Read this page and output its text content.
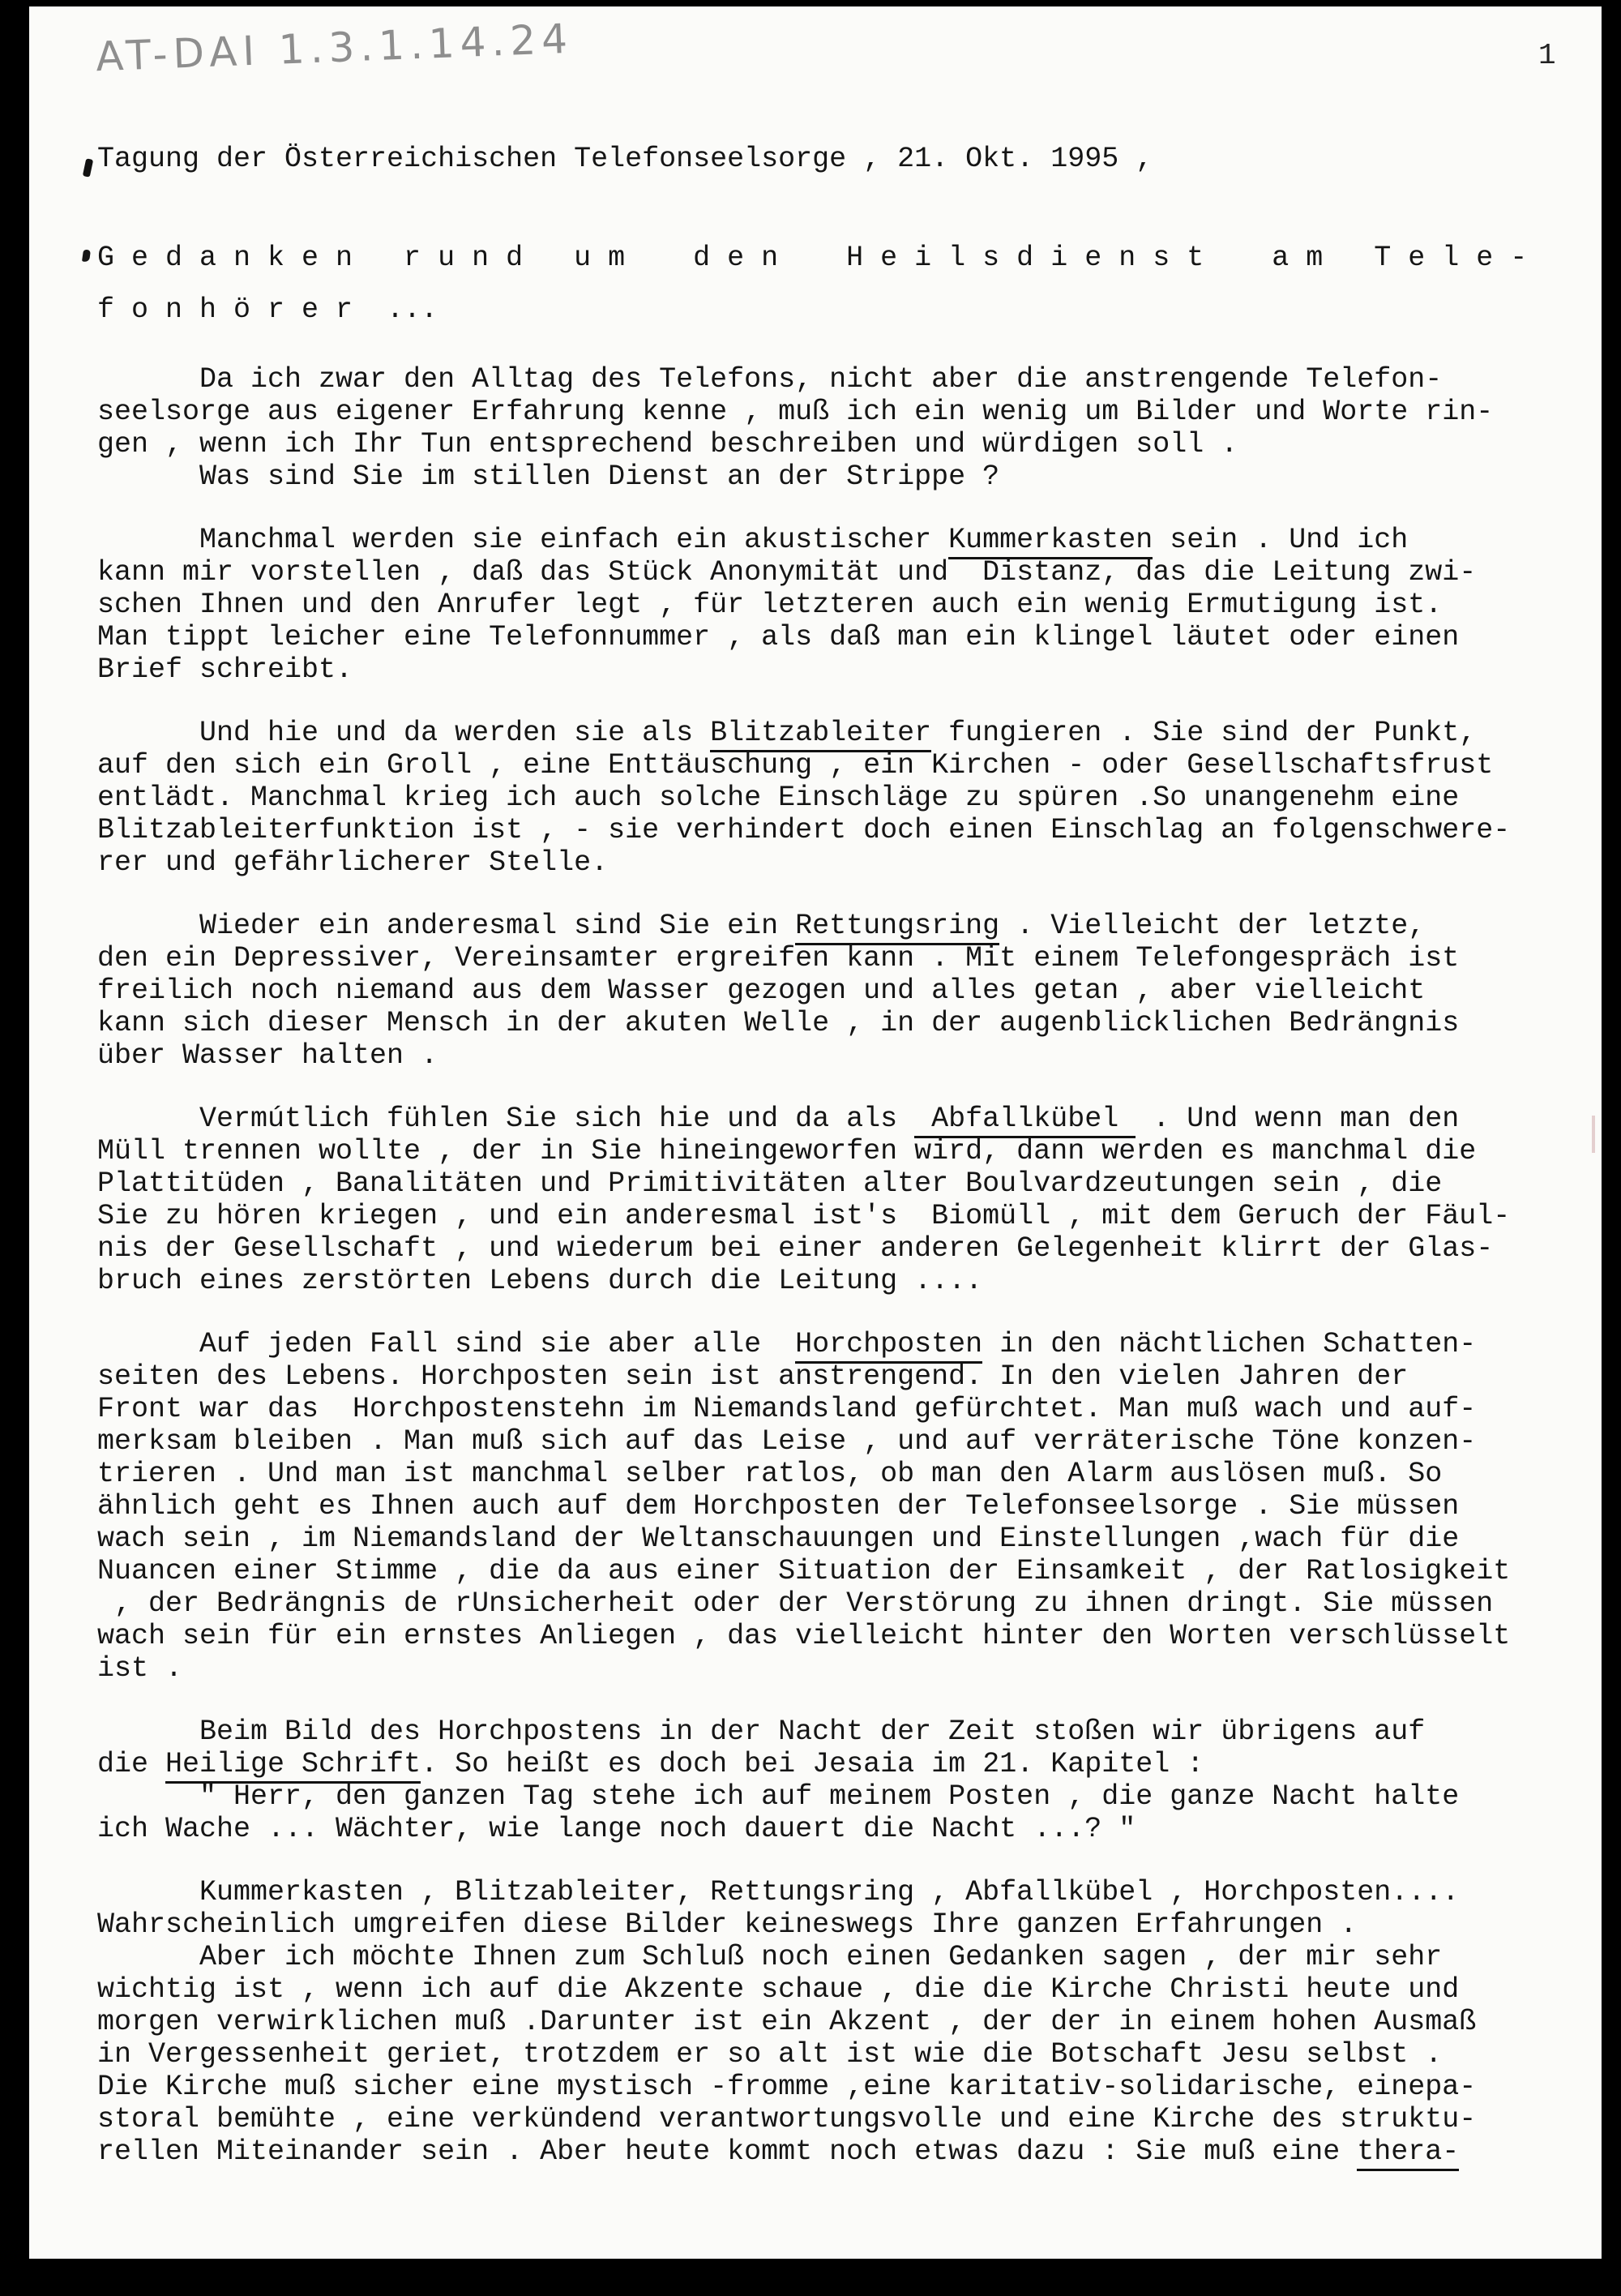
AT-DAI 1.3.1.14.24	1
Tagung der Österreichischen Telefonseelsorge , 21. Okt. 1995 ,
G e d a n k e n   r u n d   u m    d e n    H e i l s d i e n s t    a m   T e l e -
f o n h ö r e r  ...
Da ich zwar den Alltag des Telefons, nicht aber die anstrengende Telefon-
seelsorge aus eigener Erfahrung kenne , muß ich ein wenig um Bilder und Worte rin-
gen , wenn ich Ihr Tun entsprechend beschreiben und würdigen soll .
Was sind Sie im stillen Dienst an der Strippe ?
Manchmal werden sie einfach ein akustischer Kummerkasten sein . Und ich
kann mir vorstellen , daß das Stück Anonymität und  Distanz, das die Leitung zwi-
schen Ihnen und den Anrufer legt , für letzteren auch ein wenig Ermutigung ist.
Man tippt leicher eine Telefonnummer , als daß man ein klingel läutet oder einen
Brief schreibt.
Und hie und da werden sie als Blitzableiter fungieren . Sie sind der Punkt,
auf den sich ein Groll , eine Enttäuschung , ein Kirchen - oder Gesellschaftsfrust
entlädt. Manchmal krieg ich auch solche Einschläge zu spüren .So unangenehm eine
Blitzableiterfunktion ist , - sie verhindert doch einen Einschlag an folgenschwere-
rer und gefährlicherer Stelle.
Wieder ein anderesmal sind Sie ein Rettungsring . Vielleicht der letzte,
den ein Depressiver, Vereinsamter ergreifen kann . Mit einem Telefongespräch ist
freilich noch niemand aus dem Wasser gezogen und alles getan , aber vielleicht
kann sich dieser Mensch in der akuten Welle , in der augenblicklichen Bedrängnis
über Wasser halten .
Vermútlich fühlen Sie sich hie und da als  Abfallkübel  . Und wenn man den
Müll trennen wollte , der in Sie hineingeworfen wird, dann werden es manchmal die
Plattitüden , Banalitäten und Primitivitäten alter Boulvardzeutungen sein , die
Sie zu hören kriegen , und ein anderesmal ist's  Biomüll , mit dem Geruch der Fäul-
nis der Gesellschaft , und wiederum bei einer anderen Gelegenheit klirrt der Glas-
bruch eines zerstörten Lebens durch die Leitung ....
Auf jeden Fall sind sie aber alle  Horchposten in den nächtlichen Schatten-
seiten des Lebens. Horchposten sein ist anstrengend. In den vielen Jahren der
Front war das  Horchpostenstehn im Niemandsland gefürchtet. Man muß wach und auf-
merksam bleiben . Man muß sich auf das Leise , und auf verräterische Töne konzen-
trieren . Und man ist manchmal selber ratlos, ob man den Alarm auslösen muß. So
ähnlich geht es Ihnen auch auf dem Horchposten der Telefonseelsorge . Sie müssen
wach sein , im Niemandsland der Weltanschauungen und Einstellungen ,wach für die
Nuancen einer Stimme , die da aus einer Situation der Einsamkeit , der Ratlosigkeit
, der Bedrängnis de rUnsicherheit oder der Verstörung zu ihnen dringt. Sie müssen
wach sein für ein ernstes Anliegen , das vielleicht hinter den Worten verschlüsselt
ist .
Beim Bild des Horchpostens in der Nacht der Zeit stoßen wir übrigens auf
die Heilige Schrift. So heißt es doch bei Jesaia im 21. Kapitel :
" Herr, den ganzen Tag stehe ich auf meinem Posten , die ganze Nacht halte
ich Wache ... Wächter, wie lange noch dauert die Nacht ...? "
Kummerkasten , Blitzableiter, Rettungsring , Abfallkübel , Horchposten....
Wahrscheinlich umgreifen diese Bilder keineswegs Ihre ganzen Erfahrungen .
Aber ich möchte Ihnen zum Schluß noch einen Gedanken sagen , der mir sehr
wichtig ist , wenn ich auf die Akzente schaue , die die Kirche Christi heute und
morgen verwirklichen muß .Darunter ist ein Akzent , der der in einem hohen Ausmaß
in Vergessenheit geriet, trotzdem er so alt ist wie die Botschaft Jesu selbst .
Die Kirche muß sicher eine mystisch -fromme ,eine karitativ-solidarische, einepa-
storal bemühte , eine verkündend verantwortungsvolle und eine Kirche des struktu-
rellen Miteinander sein . Aber heute kommt noch etwas dazu : Sie muß eine thera-
